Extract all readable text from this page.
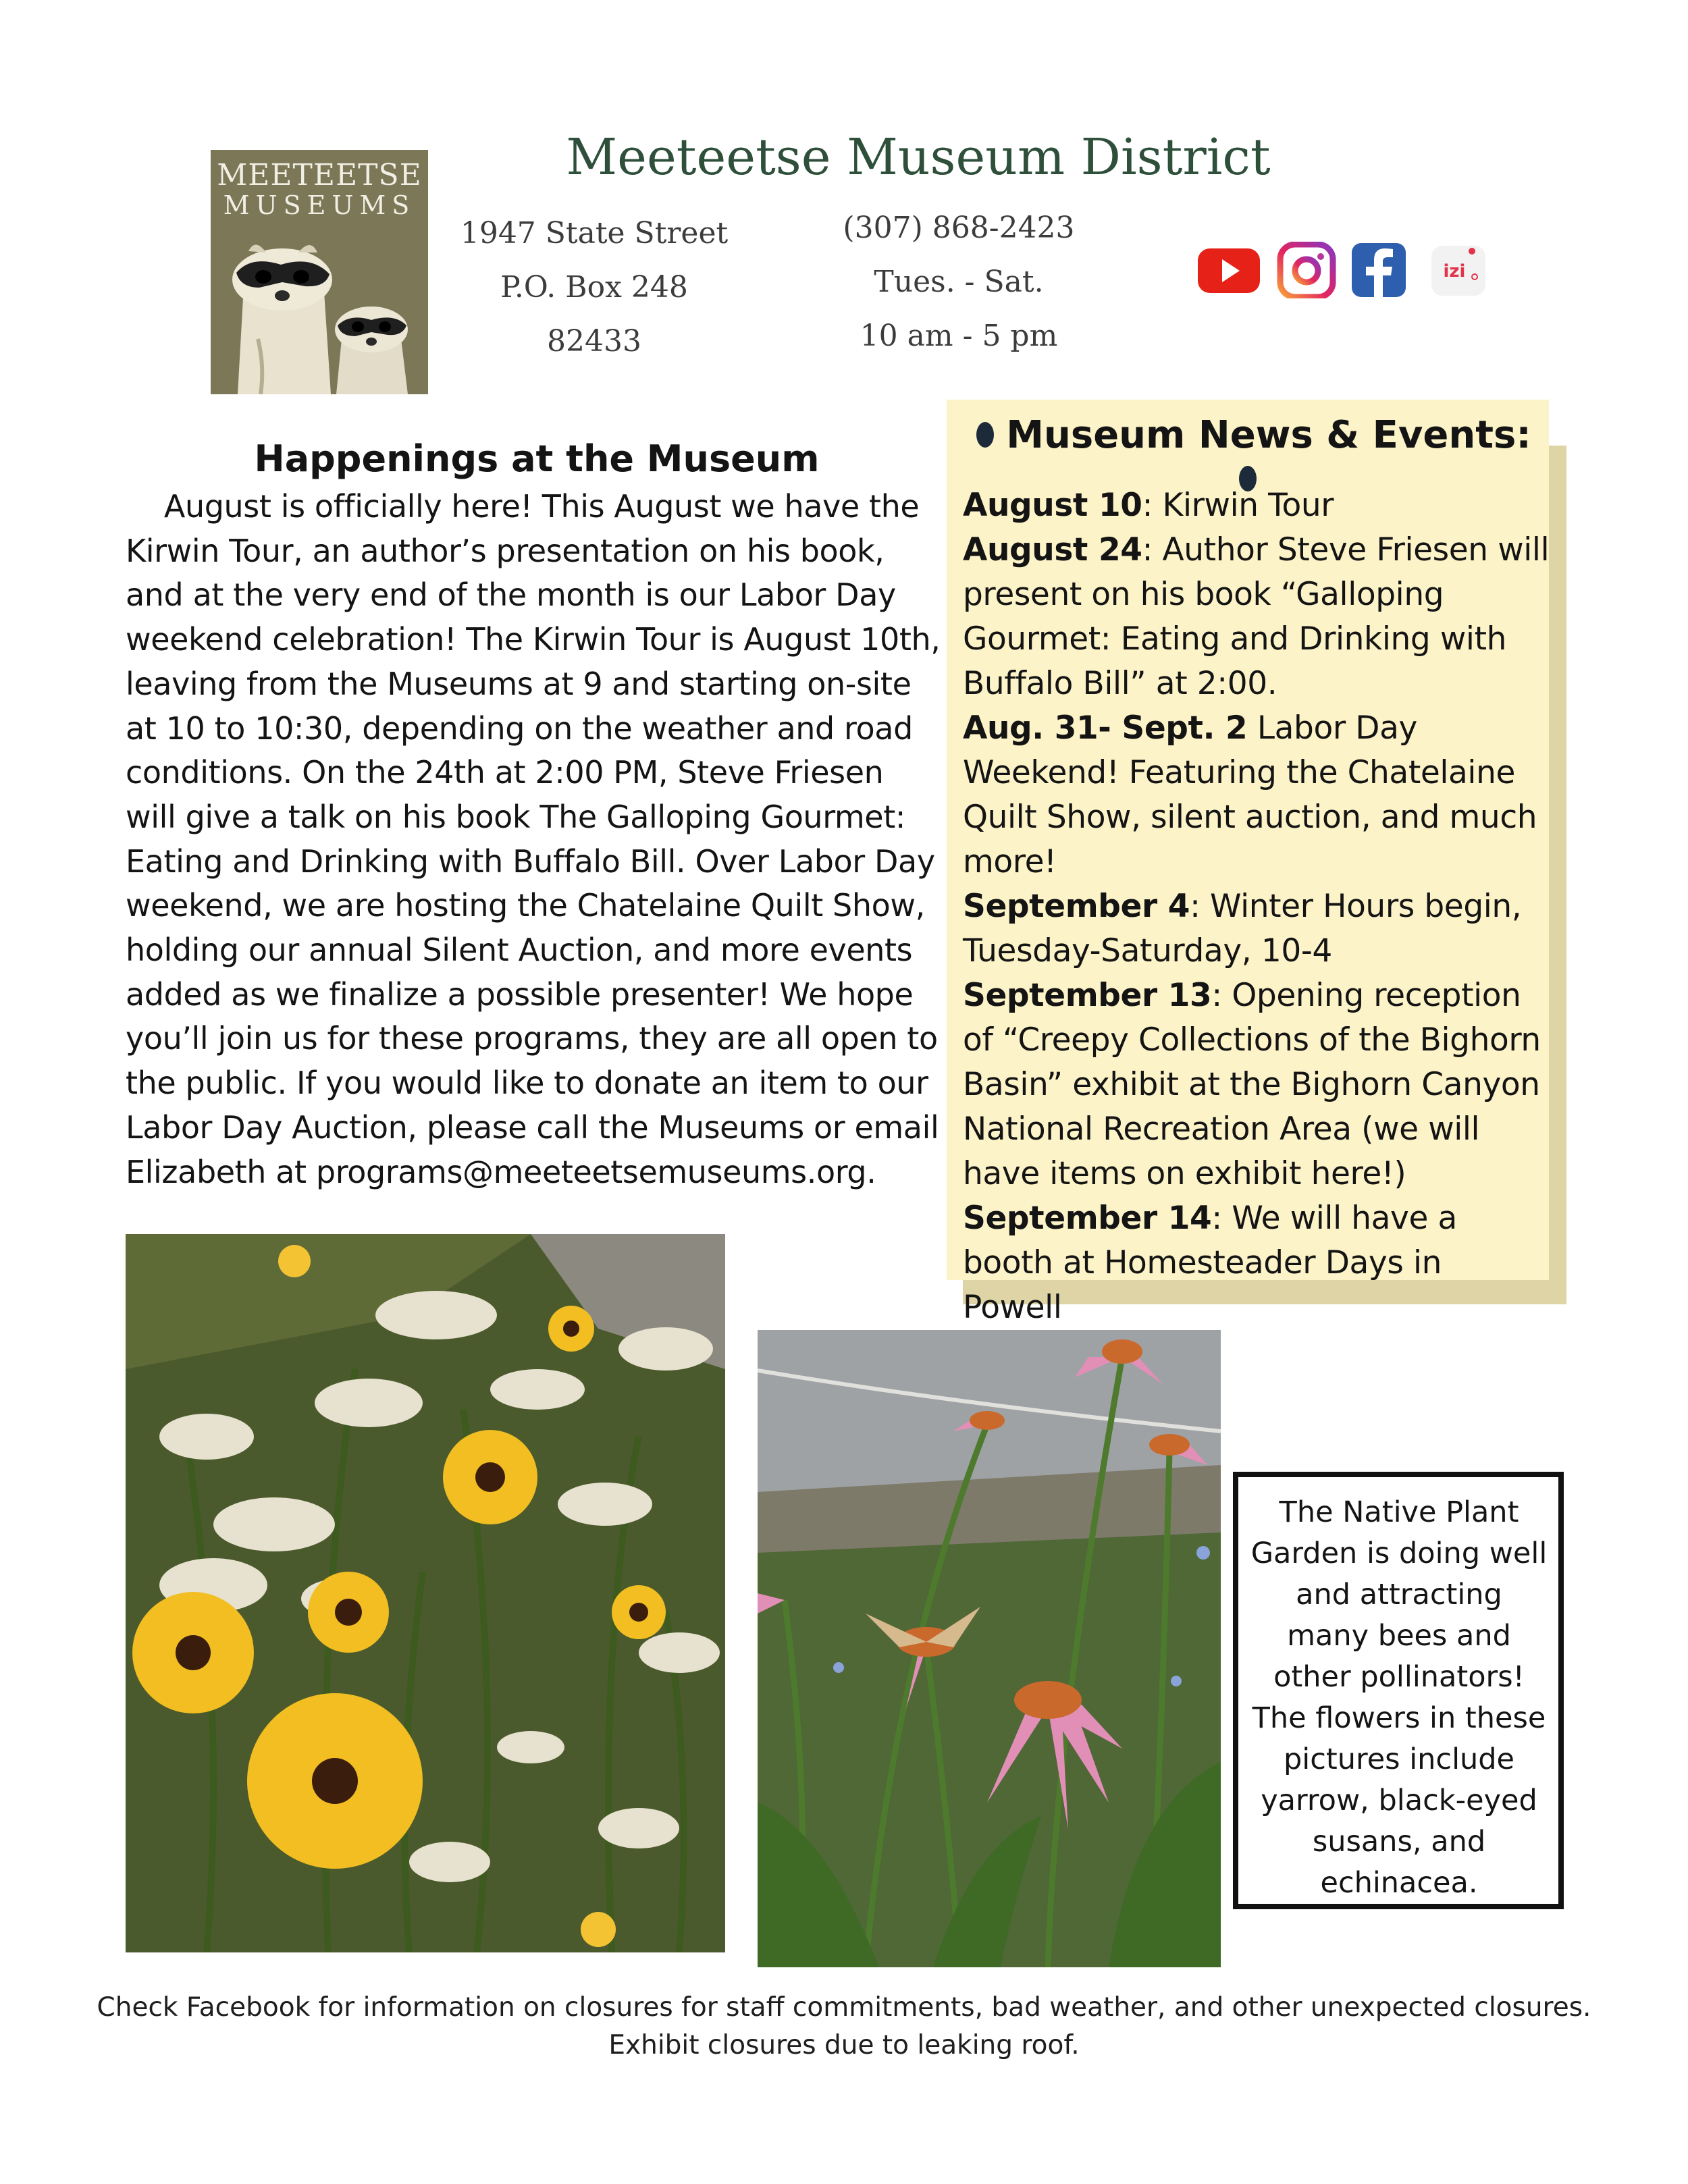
MEETEETSE
MUSEUMS
Meeteetse Museum District
1947 State Street
P.O. Box 248
82433
(307) 868-2423
Tues. - Sat.
10 am - 5 pm
izi
Happenings at the Museum
August is officially here! This August we have the Kirwin Tour, an author’s presentation on his book, and at the very end of the month is our Labor Day weekend celebration! The Kirwin Tour is August 10th, leaving from the Museums at 9 and starting on-site at 10 to 10:30, depending on the weather and road conditions. On the 24th at 2:00 PM, Steve Friesen will give a talk on his book The Galloping Gourmet: Eating and Drinking with Buffalo Bill. Over Labor Day weekend, we are hosting the Chatelaine Quilt Show, holding our annual Silent Auction, and more events added as we finalize a possible presenter! We hope you’ll join us for these programs, they are all open to the public. If you would like to donate an item to our Labor Day Auction, please call the Museums or email Elizabeth at programs@meeteetsemuseums.org.
Museum News & Events:

August 10: Kirwin Tour

August 24: Author Steve Friesen will present on his book “Galloping Gourmet: Eating and Drinking with Buffalo Bill” at 2:00.

Aug. 31- Sept. 2 Labor Day Weekend! Featuring the Chatelaine Quilt Show, silent auction, and much more!

September 4: Winter Hours begin, Tuesday-Saturday, 10-4

September 13: Opening reception of “Creepy Collections of the Bighorn Basin” exhibit at the Bighorn Canyon National Recreation Area (we will have items on exhibit here!)

September 14: We will have a booth at Homesteader Days in Powell

The Native Plant Garden is doing well and attracting many bees and other pollinators! The flowers in these pictures include yarrow, black-eyed susans, and echinacea.
Check Facebook for information on closures for staff commitments, bad weather, and other unexpected closures.
Exhibit closures due to leaking roof.
